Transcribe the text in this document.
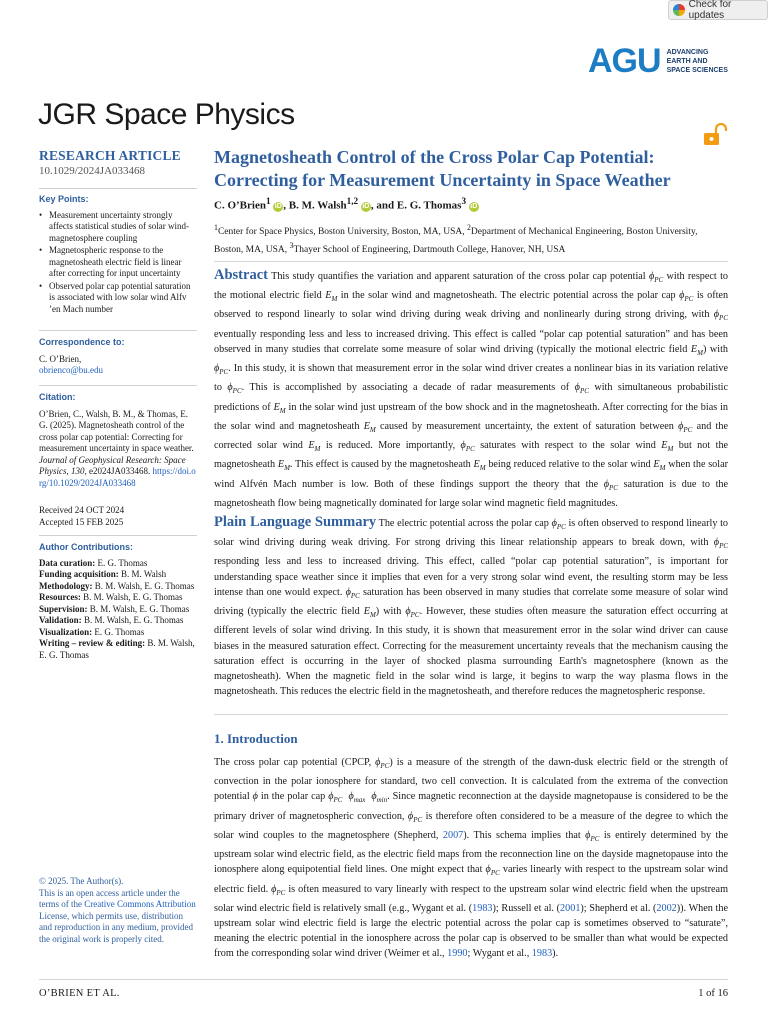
Check for updates
AGU ADVANCING
EARTH AND
SPACE SCIENCES
JGR Space Physics
RESEARCH ARTICLE
10.1029/2024JA033468
Key Points:
• Measurement uncertainty strongly affects statistical studies of solar wind-magnetosphere coupling
• Magnetospheric response to the magnetosheath electric field is linear after correcting for input uncertainty
• Observed polar cap potential saturation is associated with low solar wind Alfv ’en Mach number
Correspondence to:
C. O’Brien,
obrienco@bu.edu
Citation:
O’Brien, C., Walsh, B. M., & Thomas, E. G. (2025). Magnetosheath control of the cross polar cap potential: Correcting for measurement uncertainty in space weather. Journal of Geophysical Research: Space Physics, 130, e2024JA033468. https://doi.org/10.1029/2024JA033468
Received 24 OCT 2024
Accepted 15 FEB 2025
Author Contributions:
Data curation: E. G. Thomas
Funding acquisition: B. M. Walsh
Methodology: B. M. Walsh, E. G. Thomas
Resources: B. M. Walsh, E. G. Thomas
Supervision: B. M. Walsh, E. G. Thomas
Validation: B. M. Walsh, E. G. Thomas
Visualization: E. G. Thomas
Writing – review & editing: B. M. Walsh, E. G. Thomas
© 2025. The Author(s).
This is an open access article under the terms of the Creative Commons Attribution License, which permits use, distribution and reproduction in any medium, provided the original work is properly cited.
Magnetosheath Control of the Cross Polar Cap Potential: Correcting for Measurement Uncertainty in Space Weather
C. O’Brien$^1$ iD , B. M. Walsh$^{1,2}$ iD , and E. G. Thomas$^3$ iD
$^1$Center for Space Physics, Boston University, Boston, MA, USA, $^2$Department of Mechanical Engineering, Boston University, Boston, MA, USA, $^3$Thayer School of Engineering, Dartmouth College, Hanover, NH, USA
Abstract This study quantifies the variation and apparent saturation of the cross polar cap potential $\phi_{PC}$ with respect to the motional electric field $E_M$ in the solar wind and magnetosheath. The electric potential across the polar cap $\phi_{PC}$ is often observed to respond linearly to solar wind driving during weak driving and nonlinearly during strong driving, with $\phi_{PC}$ eventually responding less and less to increased driving. This effect is called “polar cap potential saturation” and has been observed in many studies that correlate some measure of solar wind driving (typically the motional electric field $E_M$) with $\phi_{PC}$. In this study, it is shown that measurement error in the solar wind driver creates a nonlinear bias in its variation relative to $\phi_{PC}$. This is accomplished by associating a decade of radar measurements of $\phi_{PC}$ with simultaneous probabilistic predictions of $E_M$ in the solar wind just upstream of the bow shock and in the magnetosheath. After correcting for the bias in the solar wind and magnetosheath $E_M$ caused by measurement uncertainty, the extent of saturation between $\phi_{PC}$ and the corrected solar wind $E_M$ is reduced. More importantly, $\phi_{PC}$ saturates with respect to the solar wind $E_M$ but not the magnetosheath $E_M$. This effect is caused by the magnetosheath $E_M$ being reduced relative to the solar wind $E_M$ when the solar wind Alfvén Mach number is low. Both of these findings support the theory that the $\phi_{PC}$ saturation is due to the magnetosheath flow being magnetically dominated for large solar wind magnetic field magnitudes.
Plain Language Summary The electric potential across the polar cap $\phi_{PC}$ is often observed to respond linearly to solar wind driving during weak driving. For strong driving this linear relationship appears to break down, with $\phi_{PC}$ responding less and less to increased driving. This effect, called “polar cap potential saturation”, is important for understanding space weather since it implies that even for a very strong solar wind event, the resulting storm may be less intense than one would expect. $\phi_{PC}$ saturation has been observed in many studies that correlate some measure of solar wind driving (typically the electric field $E_M$) with $\phi_{PC}$. However, these studies often measure the saturation effect occurring at different levels of solar wind driving. In this study, it is shown that measurement error in the solar wind driver can cause biases in the measured saturation effect. Correcting for the measurement uncertainty reveals that the mechanism causing the saturation effect is occurring in the layer of shocked plasma surrounding Earth's magnetosphere (known as the magnetosheath). When the magnetic field in the solar wind is large, it begins to warp the way plasma flows in the magnetosheath. This reduces the electric field in the magnetosheath, and therefore reduces the magnetospheric response.
1. Introduction
The cross polar cap potential (CPCP, $\phi_{PC}$) is a measure of the strength of the dawn-dusk electric field or the strength of convection in the polar ionosphere for standard, two cell convection. It is calculated from the extrema of the convection potential ϕ in the polar cap $\phi_{PC}$ $\phi_{max}$ $\phi_{min}$. Since magnetic reconnection at the dayside magnetopause is considered to be the primary driver of magnetospheric convection, $\phi_{PC}$ is therefore often considered to be a measure of the degree to which the solar wind couples to the magnetosphere (Shepherd, 2007). This schema implies that $\phi_{PC}$ is entirely determined by the upstream solar wind electric field, as the electric field maps from the reconnection line on the dayside magnetopause into the ionosphere along equipotential field lines. One might expect that $\phi_{PC}$ varies linearly with respect to the upstream solar wind electric field. $\phi_{PC}$ is often measured to vary linearly with respect to the upstream solar wind electric field when the upstream solar wind electric field is relatively small (e.g., Wygant et al. (1983); Russell et al. (2001); Shepherd et al. (2002)). When the upstream solar wind electric field is large the electric potential across the polar cap is sometimes observed to “saturate”, meaning the electric potential in the ionosphere across the polar cap is observed to be smaller than what would be expected from the corresponding solar wind driver (Weimer et al., 1990; Wygant et al., 1983).
O’BRIEN ET AL.	1 of 16
